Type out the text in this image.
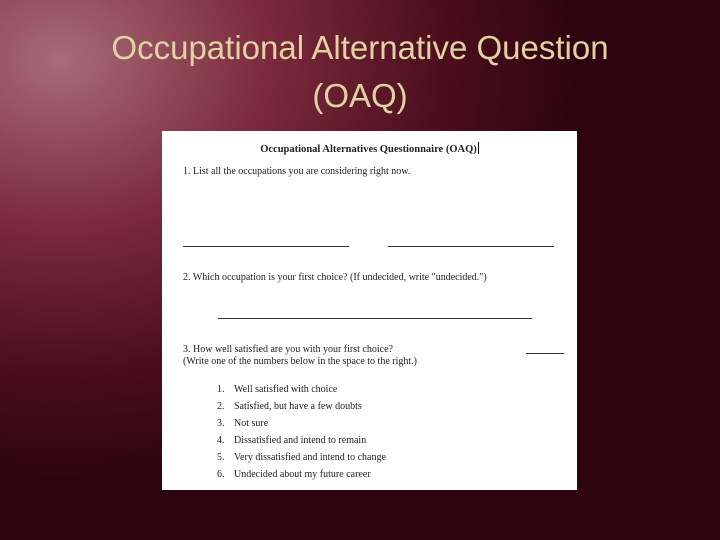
Occupational Alternative Question
(OAQ)
Occupational Alternatives Questionnaire (OAQ)
1. List all the occupations you are considering right now.
2. Which occupation is your first choice? (If undecided, write "undecided.")
3. How well satisfied are you with your first choice?
(Write one of the numbers below in the space to the right.)
1. Well satisfied with choice
2. Satisfied, but have a few doubts
3. Not sure
4. Dissatisfied and intend to remain
5. Very dissatisfied and intend to change
6. Undecided about my future career
